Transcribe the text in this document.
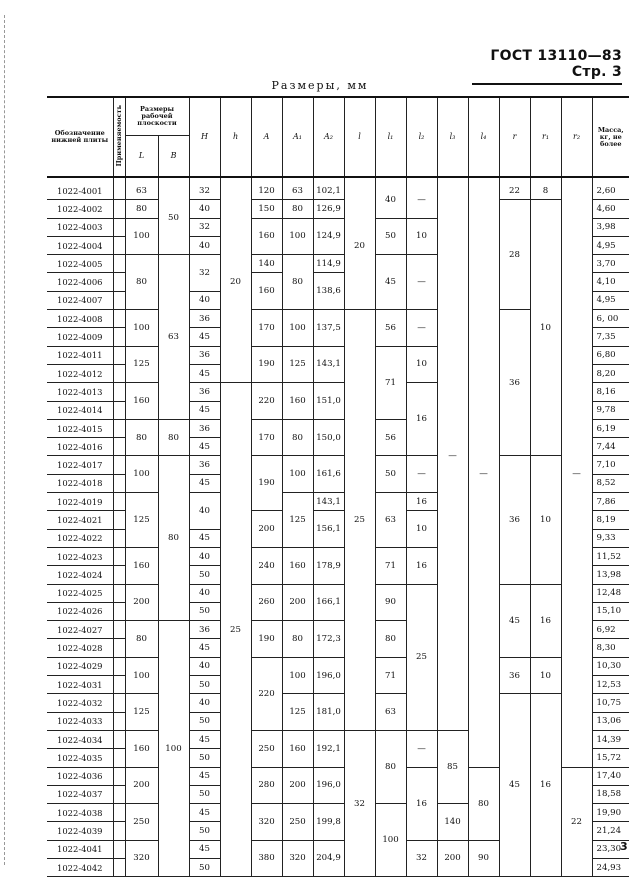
ГОСТ 13110—83 Стр. 3
Размеры, мм
Обозначение нижней плиты	Применяемость	Размеры рабочей плоскости		H	h	A	A₁	A₂	l	l₁	l₂	l₃	l₄	r	r₁	r₂	Масса, кг, не более
		L	B														
1022-4001		63	50	32	20	120	63	102,1	20	40	—	—	—	22	8	—	2,60
1022-4002		80		40		150	80	126,9						28	10		4,60
1022-4003		100		32		160	100	124,9		50	10						3,98
1022-4004				40													4,95
1022-4005		80	63	32		140	80	114,9		45	—						3,70
1022-4006						160		138,6									4,10
1022-4007				40													4,95
1022-4008		100		36		170	100	137,5	25	56	—			36			6, 00
1022-4009				45													7,35
1022-4011		125		36		190	125	143,1		71	10						6,80
1022-4012				45													8,20
1022-4013		160		36	25	220	160	151,0			16						8,16
1022-4014				45													9,78
1022-4015		80	80	36		170	80	150,0		56							6,19
1022-4016				45													7,44
1022-4017		100	80	36		190	100	161,6		50	—			36	10		7,10
1022-4018				45													8,52
1022-4019		125		40			125	143,1		63	16						7,86
1022-4021						200		156,1			10						8,19
1022-4022				45													9,33
1022-4023		160		40		240	160	178,9		71	16						11,52
1022-4024				50													13,98
1022-4025		200		40		260	200	166,1		90	25			45	16		12,48
1022-4026				50													15,10
1022-4027		80	100	36		190	80	172,3		80							6,92
1022-4028				45													8,30
1022-4029		100		40		220	100	196,0		71				36	10		10,30
1022-4031				50													12,53
1022-4032		125		40			125	181,0		63				45	16		10,75
1022-4033				50													13,06
1022-4034		160		45		250	160	192,1	32	80	—	85					14,39
1022-4035				50													15,72
1022-4036		200		45		280	200	196,0			16		80			22	17,40
1022-4037				50													18,58
1022-4038		250		45		320	250	199,8		100		140					19,90
1022-4039				50													21,24
1022-4041		320		45		380	320	204,9			32	200	90				23,30
1022-4042				50													24,93
3
